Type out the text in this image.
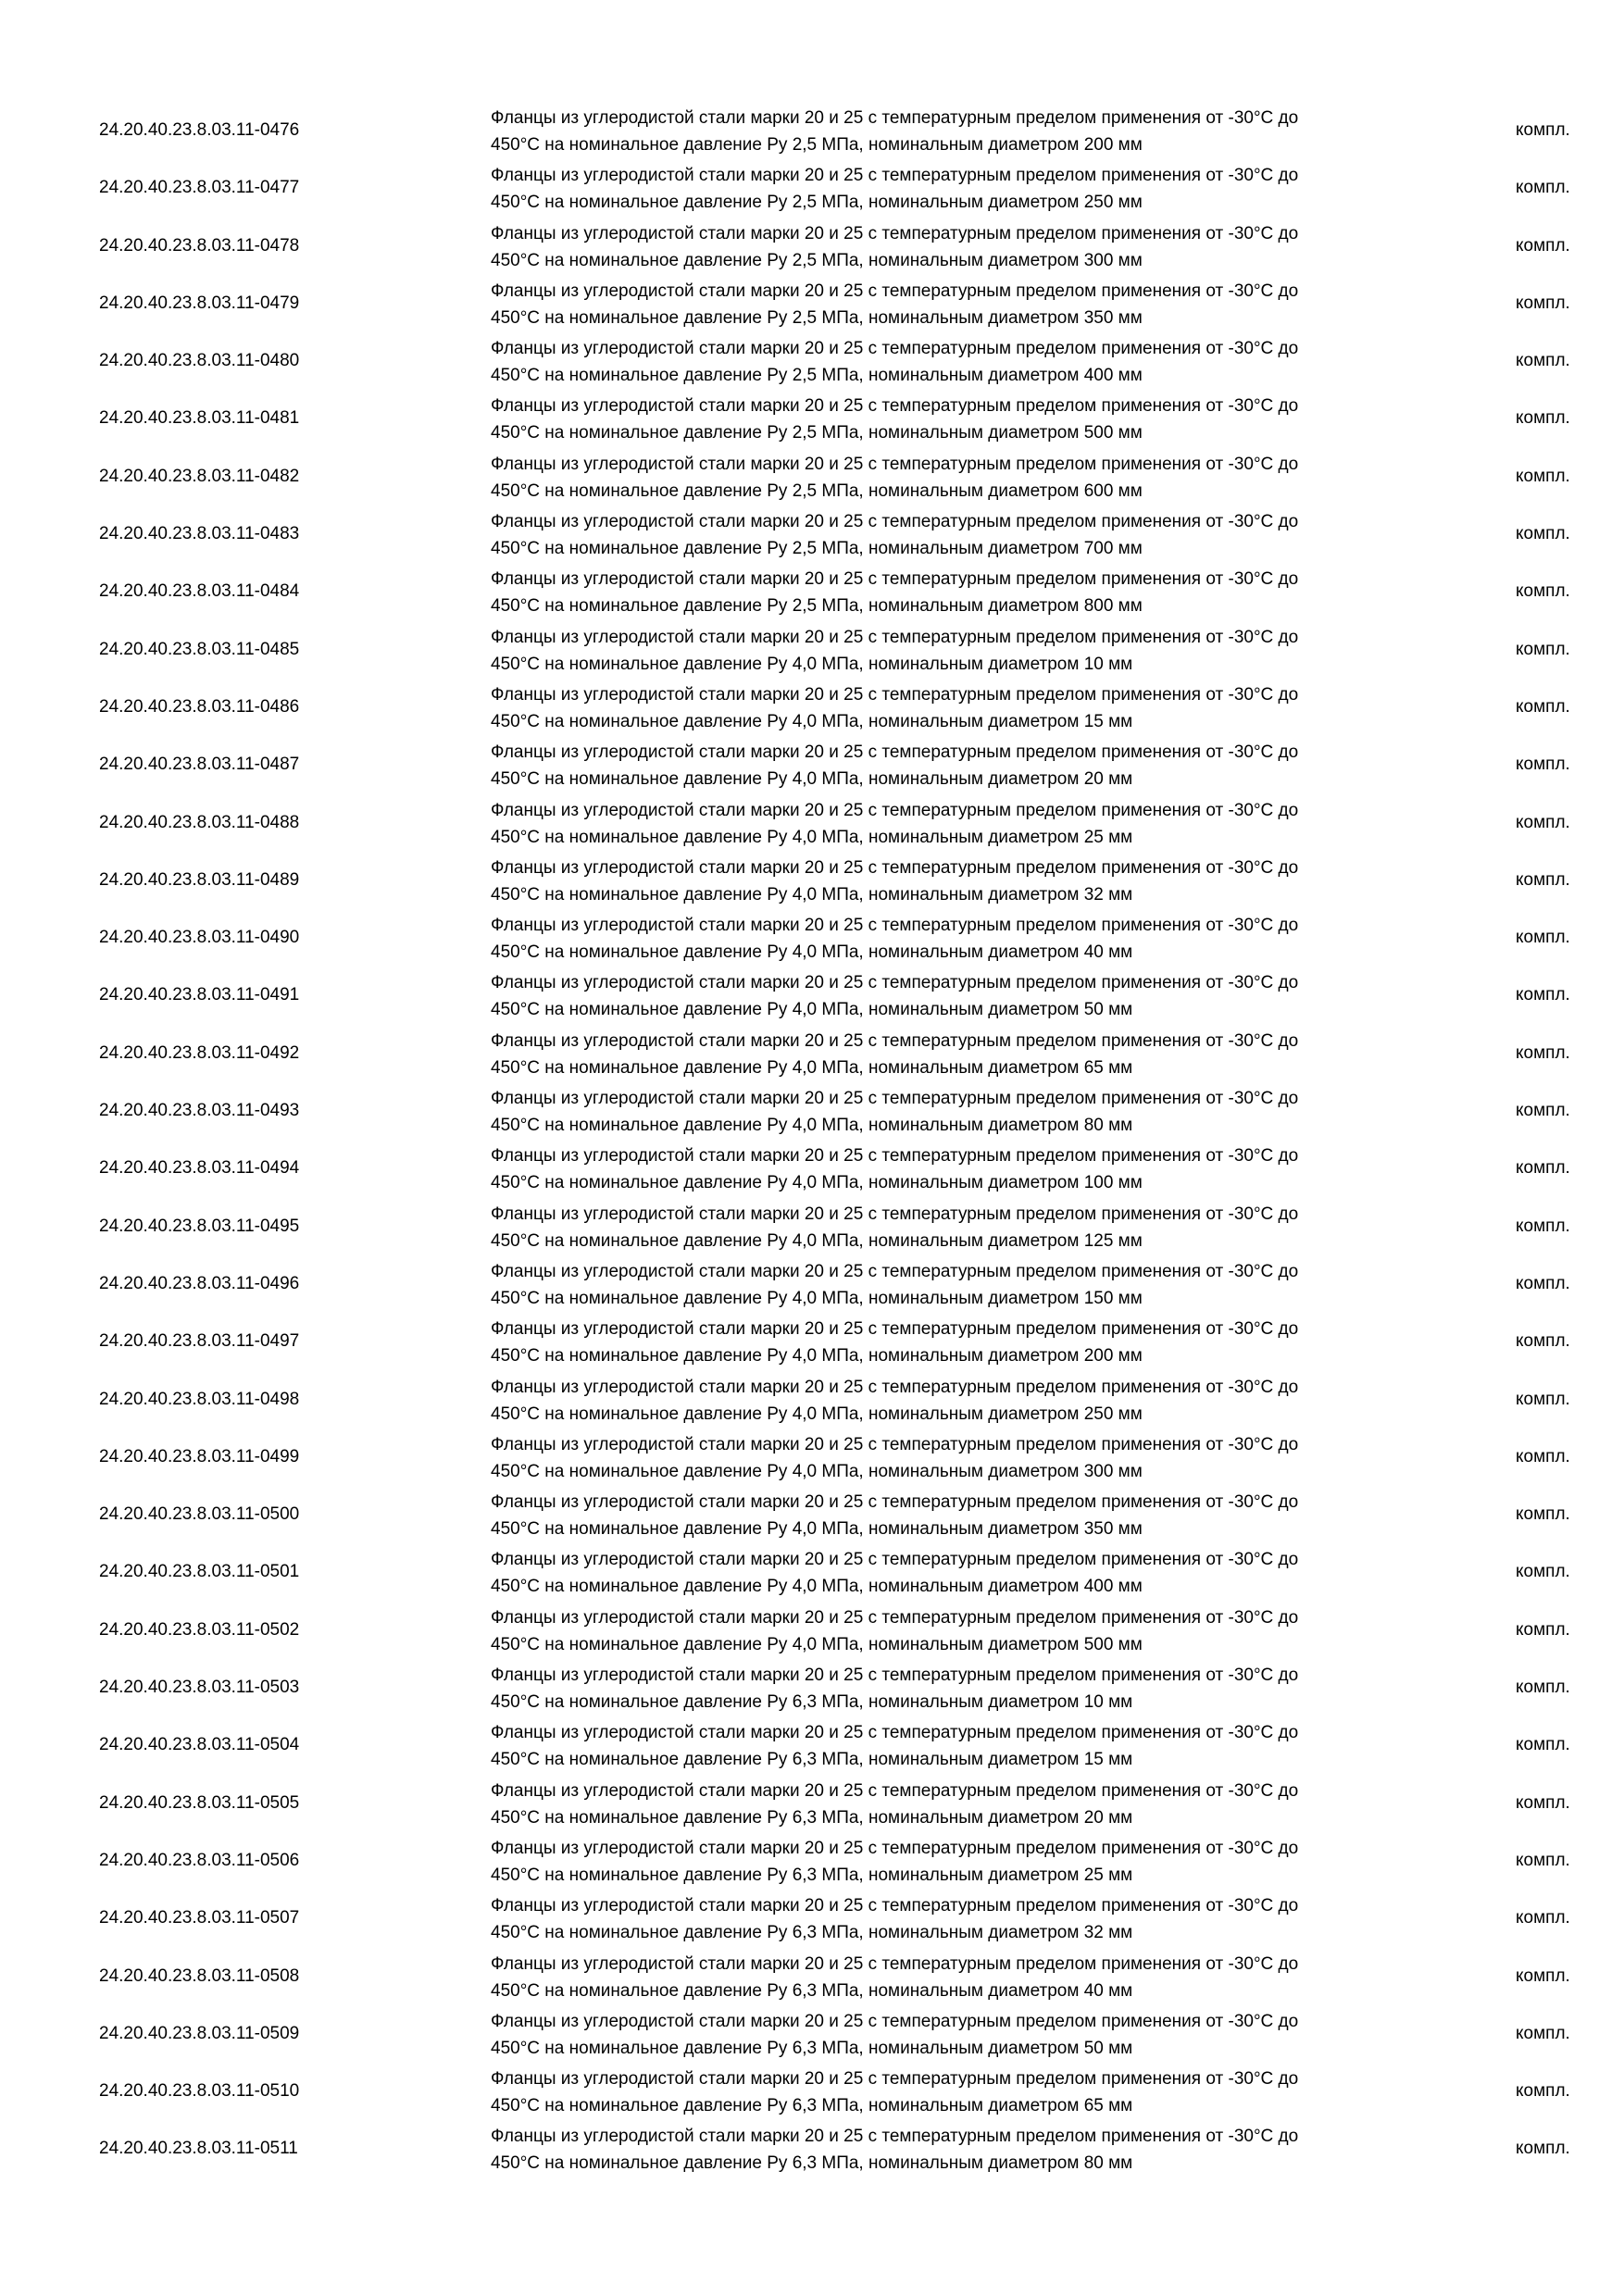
24.20.40.23.8.03.11-0476
Фланцы из углеродистой стали марки 20 и 25 с температурным пределом применения от -30°С до
450°С на номинальное давление Ру 2,5 МПа, номинальным диаметром 200 мм
компл.
24.20.40.23.8.03.11-0477
Фланцы из углеродистой стали марки 20 и 25 с температурным пределом применения от -30°С до
450°С на номинальное давление Ру 2,5 МПа, номинальным диаметром 250 мм
компл.
24.20.40.23.8.03.11-0478
Фланцы из углеродистой стали марки 20 и 25 с температурным пределом применения от -30°С до
450°С на номинальное давление Ру 2,5 МПа, номинальным диаметром 300 мм
компл.
24.20.40.23.8.03.11-0479
Фланцы из углеродистой стали марки 20 и 25 с температурным пределом применения от -30°С до
450°С на номинальное давление Ру 2,5 МПа, номинальным диаметром 350 мм
компл.
24.20.40.23.8.03.11-0480
Фланцы из углеродистой стали марки 20 и 25 с температурным пределом применения от -30°С до
450°С на номинальное давление Ру 2,5 МПа, номинальным диаметром 400 мм
компл.
24.20.40.23.8.03.11-0481
Фланцы из углеродистой стали марки 20 и 25 с температурным пределом применения от -30°С до
450°С на номинальное давление Ру 2,5 МПа, номинальным диаметром 500 мм
компл.
24.20.40.23.8.03.11-0482
Фланцы из углеродистой стали марки 20 и 25 с температурным пределом применения от -30°С до
450°С на номинальное давление Ру 2,5 МПа, номинальным диаметром 600 мм
компл.
24.20.40.23.8.03.11-0483
Фланцы из углеродистой стали марки 20 и 25 с температурным пределом применения от -30°С до
450°С на номинальное давление Ру 2,5 МПа, номинальным диаметром 700 мм
компл.
24.20.40.23.8.03.11-0484
Фланцы из углеродистой стали марки 20 и 25 с температурным пределом применения от -30°С до
450°С на номинальное давление Ру 2,5 МПа, номинальным диаметром 800 мм
компл.
24.20.40.23.8.03.11-0485
Фланцы из углеродистой стали марки 20 и 25 с температурным пределом применения от -30°С до
450°С на номинальное давление Ру 4,0 МПа, номинальным диаметром 10 мм
компл.
24.20.40.23.8.03.11-0486
Фланцы из углеродистой стали марки 20 и 25 с температурным пределом применения от -30°С до
450°С на номинальное давление Ру 4,0 МПа, номинальным диаметром 15 мм
компл.
24.20.40.23.8.03.11-0487
Фланцы из углеродистой стали марки 20 и 25 с температурным пределом применения от -30°С до
450°С на номинальное давление Ру 4,0 МПа, номинальным диаметром 20 мм
компл.
24.20.40.23.8.03.11-0488
Фланцы из углеродистой стали марки 20 и 25 с температурным пределом применения от -30°С до
450°С на номинальное давление Ру 4,0 МПа, номинальным диаметром 25 мм
компл.
24.20.40.23.8.03.11-0489
Фланцы из углеродистой стали марки 20 и 25 с температурным пределом применения от -30°С до
450°С на номинальное давление Ру 4,0 МПа, номинальным диаметром 32 мм
компл.
24.20.40.23.8.03.11-0490
Фланцы из углеродистой стали марки 20 и 25 с температурным пределом применения от -30°С до
450°С на номинальное давление Ру 4,0 МПа, номинальным диаметром 40 мм
компл.
24.20.40.23.8.03.11-0491
Фланцы из углеродистой стали марки 20 и 25 с температурным пределом применения от -30°С до
450°С на номинальное давление Ру 4,0 МПа, номинальным диаметром 50 мм
компл.
24.20.40.23.8.03.11-0492
Фланцы из углеродистой стали марки 20 и 25 с температурным пределом применения от -30°С до
450°С на номинальное давление Ру 4,0 МПа, номинальным диаметром 65 мм
компл.
24.20.40.23.8.03.11-0493
Фланцы из углеродистой стали марки 20 и 25 с температурным пределом применения от -30°С до
450°С на номинальное давление Ру 4,0 МПа, номинальным диаметром 80 мм
компл.
24.20.40.23.8.03.11-0494
Фланцы из углеродистой стали марки 20 и 25 с температурным пределом применения от -30°С до
450°С на номинальное давление Ру 4,0 МПа, номинальным диаметром 100 мм
компл.
24.20.40.23.8.03.11-0495
Фланцы из углеродистой стали марки 20 и 25 с температурным пределом применения от -30°С до
450°С на номинальное давление Ру 4,0 МПа, номинальным диаметром 125 мм
компл.
24.20.40.23.8.03.11-0496
Фланцы из углеродистой стали марки 20 и 25 с температурным пределом применения от -30°С до
450°С на номинальное давление Ру 4,0 МПа, номинальным диаметром 150 мм
компл.
24.20.40.23.8.03.11-0497
Фланцы из углеродистой стали марки 20 и 25 с температурным пределом применения от -30°С до
450°С на номинальное давление Ру 4,0 МПа, номинальным диаметром 200 мм
компл.
24.20.40.23.8.03.11-0498
Фланцы из углеродистой стали марки 20 и 25 с температурным пределом применения от -30°С до
450°С на номинальное давление Ру 4,0 МПа, номинальным диаметром 250 мм
компл.
24.20.40.23.8.03.11-0499
Фланцы из углеродистой стали марки 20 и 25 с температурным пределом применения от -30°С до
450°С на номинальное давление Ру 4,0 МПа, номинальным диаметром 300 мм
компл.
24.20.40.23.8.03.11-0500
Фланцы из углеродистой стали марки 20 и 25 с температурным пределом применения от -30°С до
450°С на номинальное давление Ру 4,0 МПа, номинальным диаметром 350 мм
компл.
24.20.40.23.8.03.11-0501
Фланцы из углеродистой стали марки 20 и 25 с температурным пределом применения от -30°С до
450°С на номинальное давление Ру 4,0 МПа, номинальным диаметром 400 мм
компл.
24.20.40.23.8.03.11-0502
Фланцы из углеродистой стали марки 20 и 25 с температурным пределом применения от -30°С до
450°С на номинальное давление Ру 4,0 МПа, номинальным диаметром 500 мм
компл.
24.20.40.23.8.03.11-0503
Фланцы из углеродистой стали марки 20 и 25 с температурным пределом применения от -30°С до
450°С на номинальное давление Ру 6,3 МПа, номинальным диаметром 10 мм
компл.
24.20.40.23.8.03.11-0504
Фланцы из углеродистой стали марки 20 и 25 с температурным пределом применения от -30°С до
450°С на номинальное давление Ру 6,3 МПа, номинальным диаметром 15 мм
компл.
24.20.40.23.8.03.11-0505
Фланцы из углеродистой стали марки 20 и 25 с температурным пределом применения от -30°С до
450°С на номинальное давление Ру 6,3 МПа, номинальным диаметром 20 мм
компл.
24.20.40.23.8.03.11-0506
Фланцы из углеродистой стали марки 20 и 25 с температурным пределом применения от -30°С до
450°С на номинальное давление Ру 6,3 МПа, номинальным диаметром 25 мм
компл.
24.20.40.23.8.03.11-0507
Фланцы из углеродистой стали марки 20 и 25 с температурным пределом применения от -30°С до
450°С на номинальное давление Ру 6,3 МПа, номинальным диаметром 32 мм
компл.
24.20.40.23.8.03.11-0508
Фланцы из углеродистой стали марки 20 и 25 с температурным пределом применения от -30°С до
450°С на номинальное давление Ру 6,3 МПа, номинальным диаметром 40 мм
компл.
24.20.40.23.8.03.11-0509
Фланцы из углеродистой стали марки 20 и 25 с температурным пределом применения от -30°С до
450°С на номинальное давление Ру 6,3 МПа, номинальным диаметром 50 мм
компл.
24.20.40.23.8.03.11-0510
Фланцы из углеродистой стали марки 20 и 25 с температурным пределом применения от -30°С до
450°С на номинальное давление Ру 6,3 МПа, номинальным диаметром 65 мм
компл.
24.20.40.23.8.03.11-0511
Фланцы из углеродистой стали марки 20 и 25 с температурным пределом применения от -30°С до
450°С на номинальное давление Ру 6,3 МПа, номинальным диаметром 80 мм
компл.
